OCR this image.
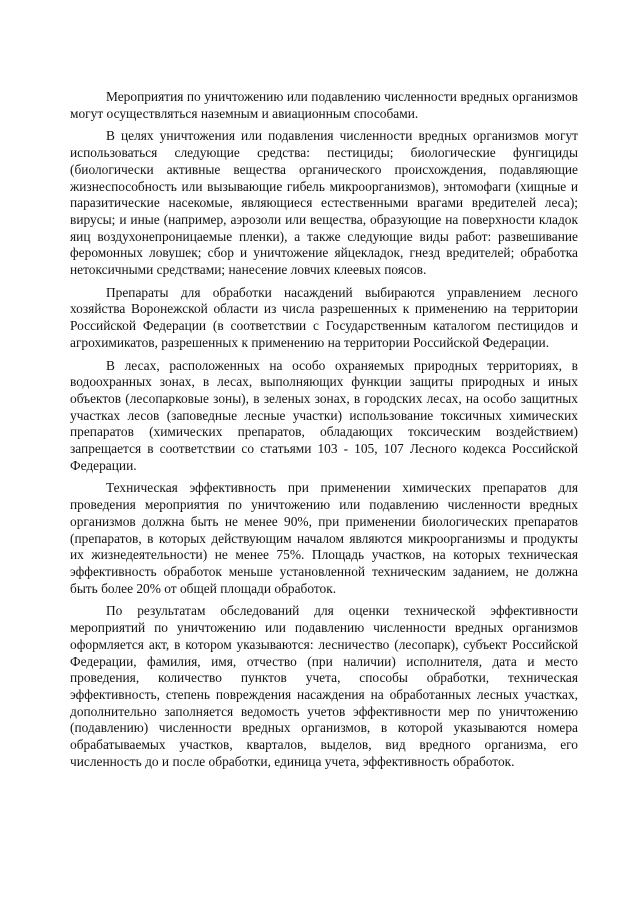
Мероприятия по уничтожению или подавлению численности вредных организмов могут осуществляться наземным и авиационным способами.

В целях уничтожения или подавления численности вредных организмов могут использоваться следующие средства: пестициды; биологические фунгициды (биологически активные вещества органического происхождения, подавляющие жизнеспособность или вызывающие гибель микроорганизмов), энтомофаги (хищные и паразитические насекомые, являющиеся естественными врагами вредителей леса); вирусы; и иные (например, аэрозоли или вещества, образующие на поверхности кладок яиц воздухонепроницаемые пленки), а также следующие виды работ: развешивание феромонных ловушек; сбор и уничтожение яйцекладок, гнезд вредителей; обработка нетоксичными средствами; нанесение ловчих клеевых поясов.

Препараты для обработки насаждений выбираются управлением лесного хозяйства Воронежской области из числа разрешенных к применению на территории Российской Федерации (в соответствии с Государственным каталогом пестицидов и агрохимикатов, разрешенных к применению на территории Российской Федерации.

В лесах, расположенных на особо охраняемых природных территориях, в водоохранных зонах, в лесах, выполняющих функции защиты природных и иных объектов (лесопарковые зоны), в зеленых зонах, в городских лесах, на особо защитных участках лесов (заповедные лесные участки) использование токсичных химических препаратов (химических препаратов, обладающих токсическим воздействием) запрещается в соответствии со статьями 103 - 105, 107 Лесного кодекса Российской Федерации.

Техническая эффективность при применении химических препаратов для проведения мероприятия по уничтожению или подавлению численности вредных организмов должна быть не менее 90%, при применении биологических препаратов (препаратов, в которых действующим началом являются микроорганизмы и продукты их жизнедеятельности) не менее 75%. Площадь участков, на которых техническая эффективность обработок меньше установленной техническим заданием, не должна быть более 20% от общей площади обработок.

По результатам обследований для оценки технической эффективности мероприятий по уничтожению или подавлению численности вредных организмов оформляется акт, в котором указываются: лесничество (лесопарк), субъект Российской Федерации, фамилия, имя, отчество (при наличии) исполнителя, дата и место проведения, количество пунктов учета, способы обработки, техническая эффективность, степень повреждения насаждения на обработанных лесных участках, дополнительно заполняется ведомость учетов эффективности мер по уничтожению (подавлению) численности вредных организмов, в которой указываются номера обрабатываемых участков, кварталов, выделов, вид вредного организма, его численность до и после обработки, единица учета, эффективность обработок.
